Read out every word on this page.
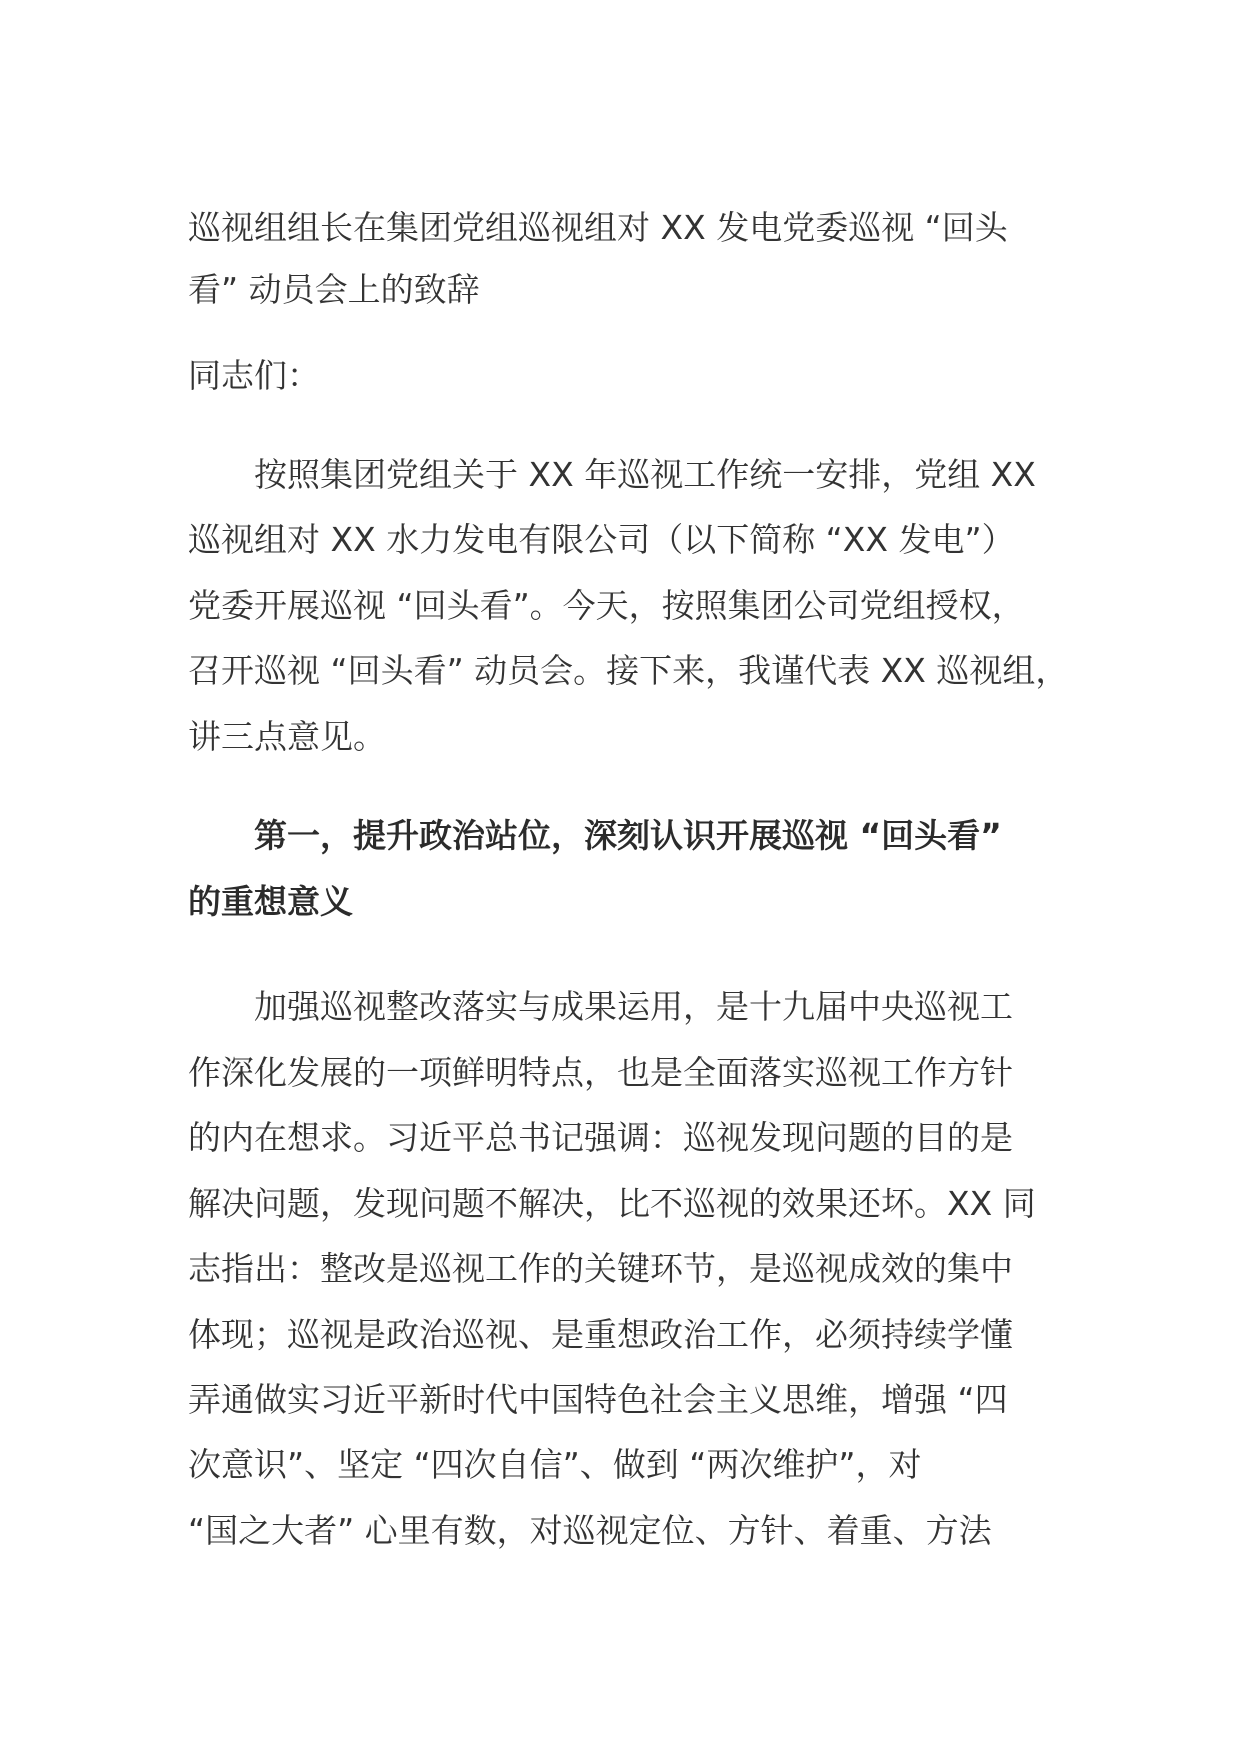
巡视组组长在集团党组巡视组对 XX 发电党委巡视 “回头
看” 动员会上的致辞
同志们：
按照集团党组关于 XX 年巡视工作统一安排，党组 XX
巡视组对 XX 水力发电有限公司（以下简称 “XX 发电”）
党委开展巡视 “回头看”。今天，按照集团公司党组授权，
召开巡视 “回头看” 动员会。接下来，我谨代表 XX 巡视组，
讲三点意见。
第一，提升政治站位，深刻认识开展巡视 “回头看”
的重想意义
加强巡视整改落实与成果运用，是十九届中央巡视工
作深化发展的一项鲜明特点，也是全面落实巡视工作方针
的内在想求。习近平总书记强调：巡视发现问题的目的是
解决问题，发现问题不解决，比不巡视的效果还坏。XX 同
志指出：整改是巡视工作的关键环节，是巡视成效的集中
体现；巡视是政治巡视、是重想政治工作，必须持续学懂
弄通做实习近平新时代中国特色社会主义思维，增强 “四
次意识”、坚定 “四次自信”、做到 “两次维护”，对
“国之大者” 心里有数，对巡视定位、方针、着重、方法
